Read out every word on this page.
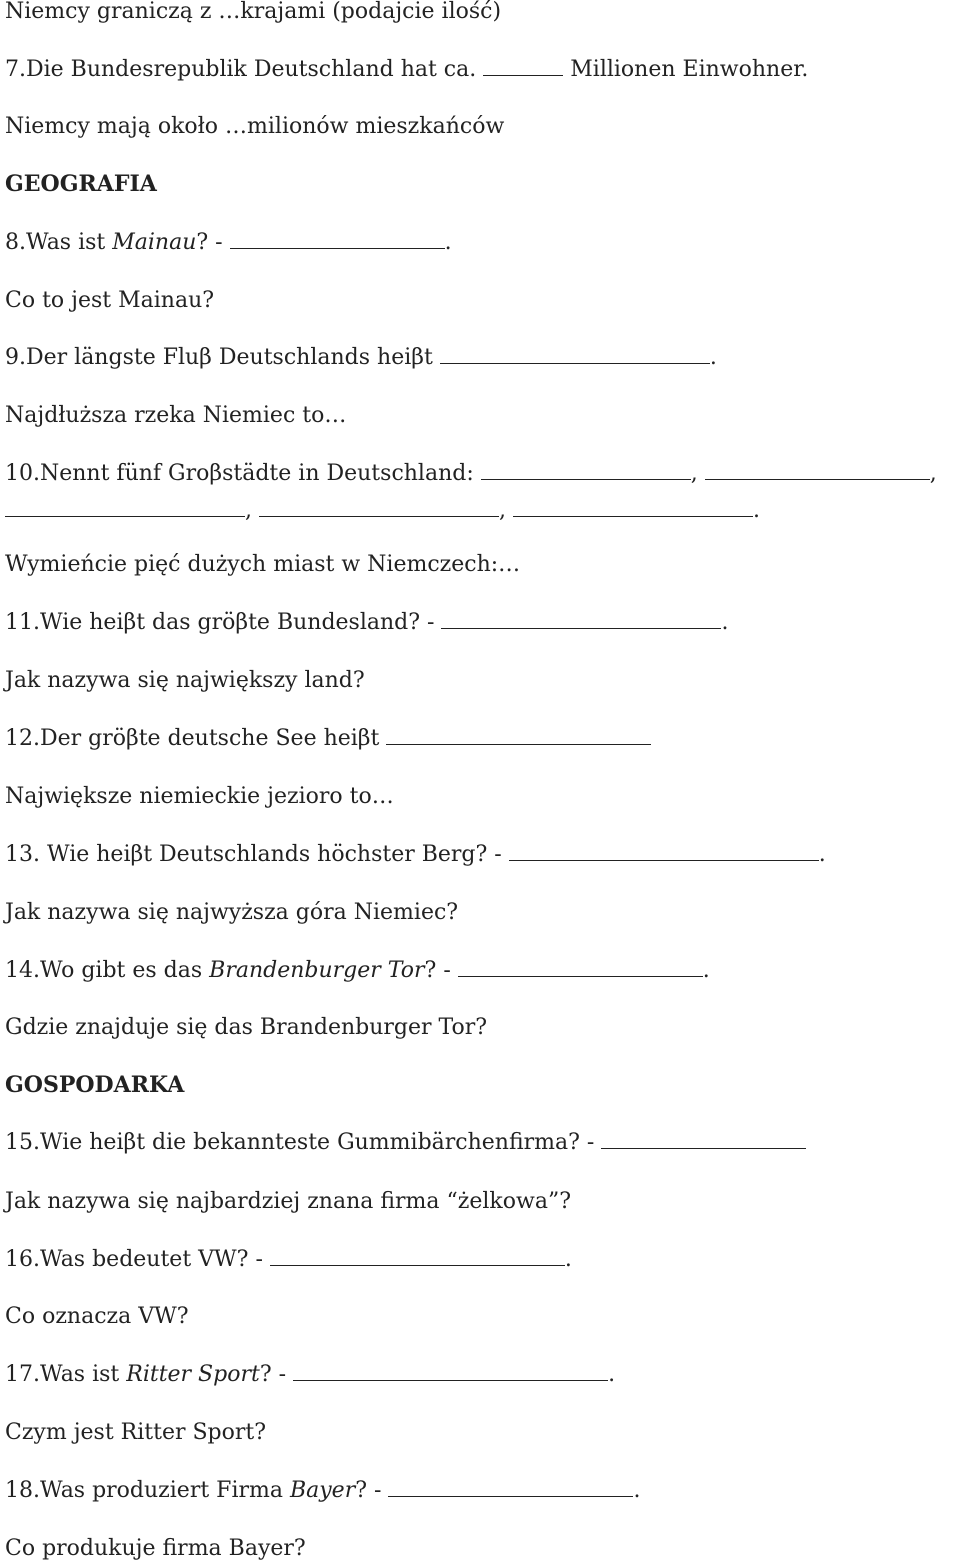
Niemcy graniczą z …krajami (podajcie ilość)
7.Die Bundesrepublik Deutschland hat ca.	Millionen Einwohner.
Niemcy mają około …milionów mieszkańców
GEOGRAFIA
8.Was ist Mainau? -	.
Co to jest Mainau?
9.Der längste Fluβ Deutschlands heiβt	.
Najdłuższa rzeka Niemiec to…
10.Nennt fünf Groβstädte in Deutschland:	,	,
,	,	.
Wymieńcie pięć dużych miast w Niemczech:…
11.Wie heiβt das gröβte Bundesland? -	.
Jak nazywa się największy land?
12.Der gröβte deutsche See heiβt
Największe niemieckie jezioro to…
13. Wie heiβt Deutschlands höchster Berg? -	.
Jak nazywa się najwyższa góra Niemiec?
14.Wo gibt es das Brandenburger Tor? -	.
Gdzie znajduje się das Brandenburger Tor?
GOSPODARKA
15.Wie heiβt die bekannteste Gummibärchenfirma? -
Jak nazywa się najbardziej znana firma “żelkowa”?
16.Was bedeutet VW? -	.
Co oznacza VW?
17.Was ist Ritter Sport? -	.
Czym jest Ritter Sport?
18.Was produziert Firma Bayer? -	.
Co produkuje firma Bayer?
